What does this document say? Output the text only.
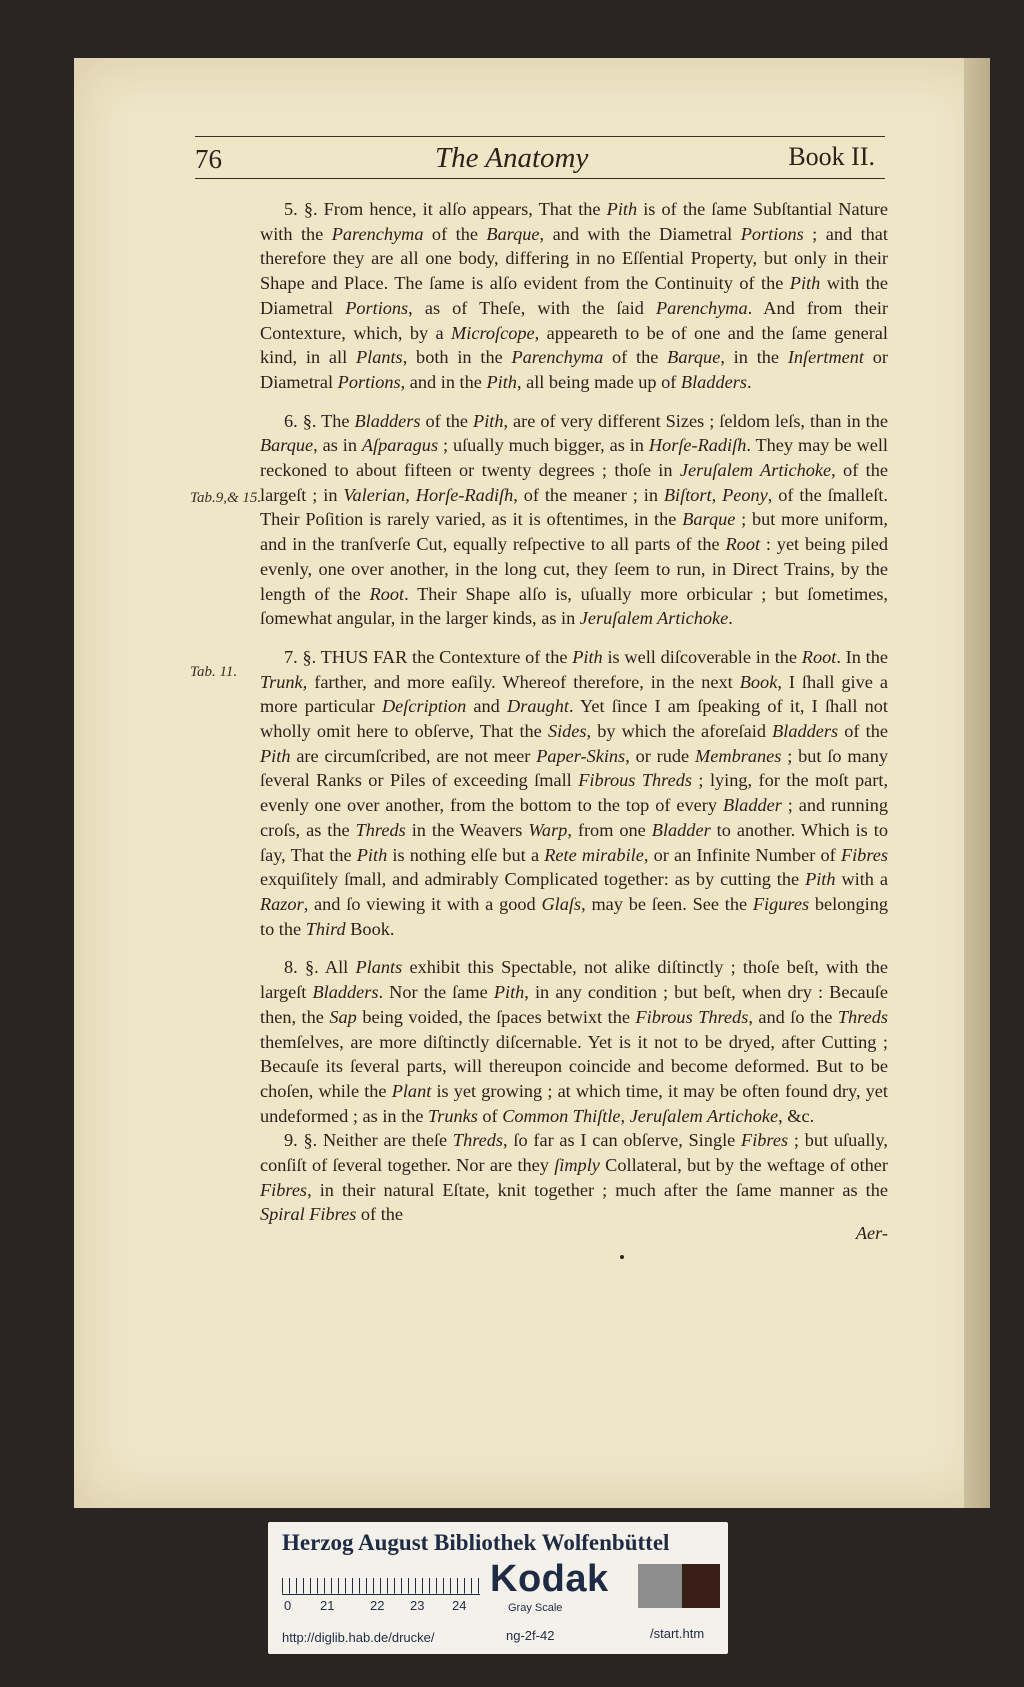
76	The Anatomy	Book II.
Tab.9,& 15.
Tab. 11.

5. §. From hence, it alſo appears, That the Pith is of the ſame Subſtantial Nature with the Parenchyma of the Barque, and with the Diametral Portions ; and that therefore they are all one body, differing in no Eſſential Property, but only in their Shape and Place. The ſame is alſo evident from the Continuity of the Pith with the Diametral Portions, as of Theſe, with the ſaid Parenchyma. And from their Contexture, which, by a Microſcope, appeareth to be of one and the ſame general kind, in all Plants, both in the Parenchyma of the Barque, in the Inſertment or Diametral Portions, and in the Pith, all being made up of Bladders.

6. §. The Bladders of the Pith, are of very different Sizes ; ſeldom leſs, than in the Barque, as in Aſparagus ; uſually much bigger, as in Horſe-Radiſh. They may be well reckoned to about fifteen or twenty degrees ; thoſe in Jeruſalem Artichoke, of the largeſt ; in Valerian, Horſe-Radiſh, of the meaner ; in Biſtort, Peony, of the ſmalleſt. Their Poſition is rarely varied, as it is oftentimes, in the Barque ; but more uniform, and in the tranſverſe Cut, equally reſpective to all parts of the Root : yet being piled evenly, one over another, in the long cut, they ſeem to run, in Direct Trains, by the length of the Root. Their Shape alſo is, uſually more orbicular ; but ſometimes, ſomewhat angular, in the larger kinds, as in Jeruſalem Artichoke.

7. §. THUS FAR the Contexture of the Pith is well diſcoverable in the Root. In the Trunk, farther, and more eaſily. Whereof therefore, in the next Book, I ſhall give a more particular Deſcription and Draught. Yet ſince I am ſpeaking of it, I ſhall not wholly omit here to obſerve, That the Sides, by which the aforeſaid Bladders of the Pith are circumſcribed, are not meer Paper-Skins, or rude Membranes ; but ſo many ſeveral Ranks or Piles of exceeding ſmall Fibrous Threds ; lying, for the moſt part, evenly one over another, from the bottom to the top of every Bladder ; and running croſs, as the Threds in the Weavers Warp, from one Bladder to another. Which is to ſay, That the Pith is nothing elſe but a Rete mirabile, or an Infinite Number of Fibres exquiſitely ſmall, and admirably Complicated together: as by cutting the Pith with a Razor, and ſo viewing it with a good Glaſs, may be ſeen. See the Figures belonging to the Third Book.

8. §. All Plants exhibit this Spectable, not alike diſtinctly ; thoſe beſt, with the largeſt Bladders. Nor the ſame Pith, in any condition ; but beſt, when dry : Becauſe then, the Sap being voided, the ſpaces betwixt the Fibrous Threds, and ſo the Threds themſelves, are more diſtinctly diſcernable. Yet is it not to be dryed, after Cutting ; Becauſe its ſeveral parts, will thereupon coincide and become deformed. But to be choſen, while the Plant is yet growing ; at which time, it may be often found dry, yet undeformed ; as in the Trunks of Common Thiſtle, Jeruſalem Artichoke, &c.

9. §. Neither are theſe Threds, ſo far as I can obſerve, Single Fibres ; but uſually, conſiſt of ſeveral together. Nor are they ſimply Collateral, but by the weftage of other Fibres, in their natural Eſtate, knit together ; much after the ſame manner as the Spiral Fibres of the

Aer-
Herzog August Bibliothek Wolfenbüttel
0 21	22 23 24
Kodak
Gray Scale
http://diglib.hab.de/drucke/	ng-2f-42	/start.htm
